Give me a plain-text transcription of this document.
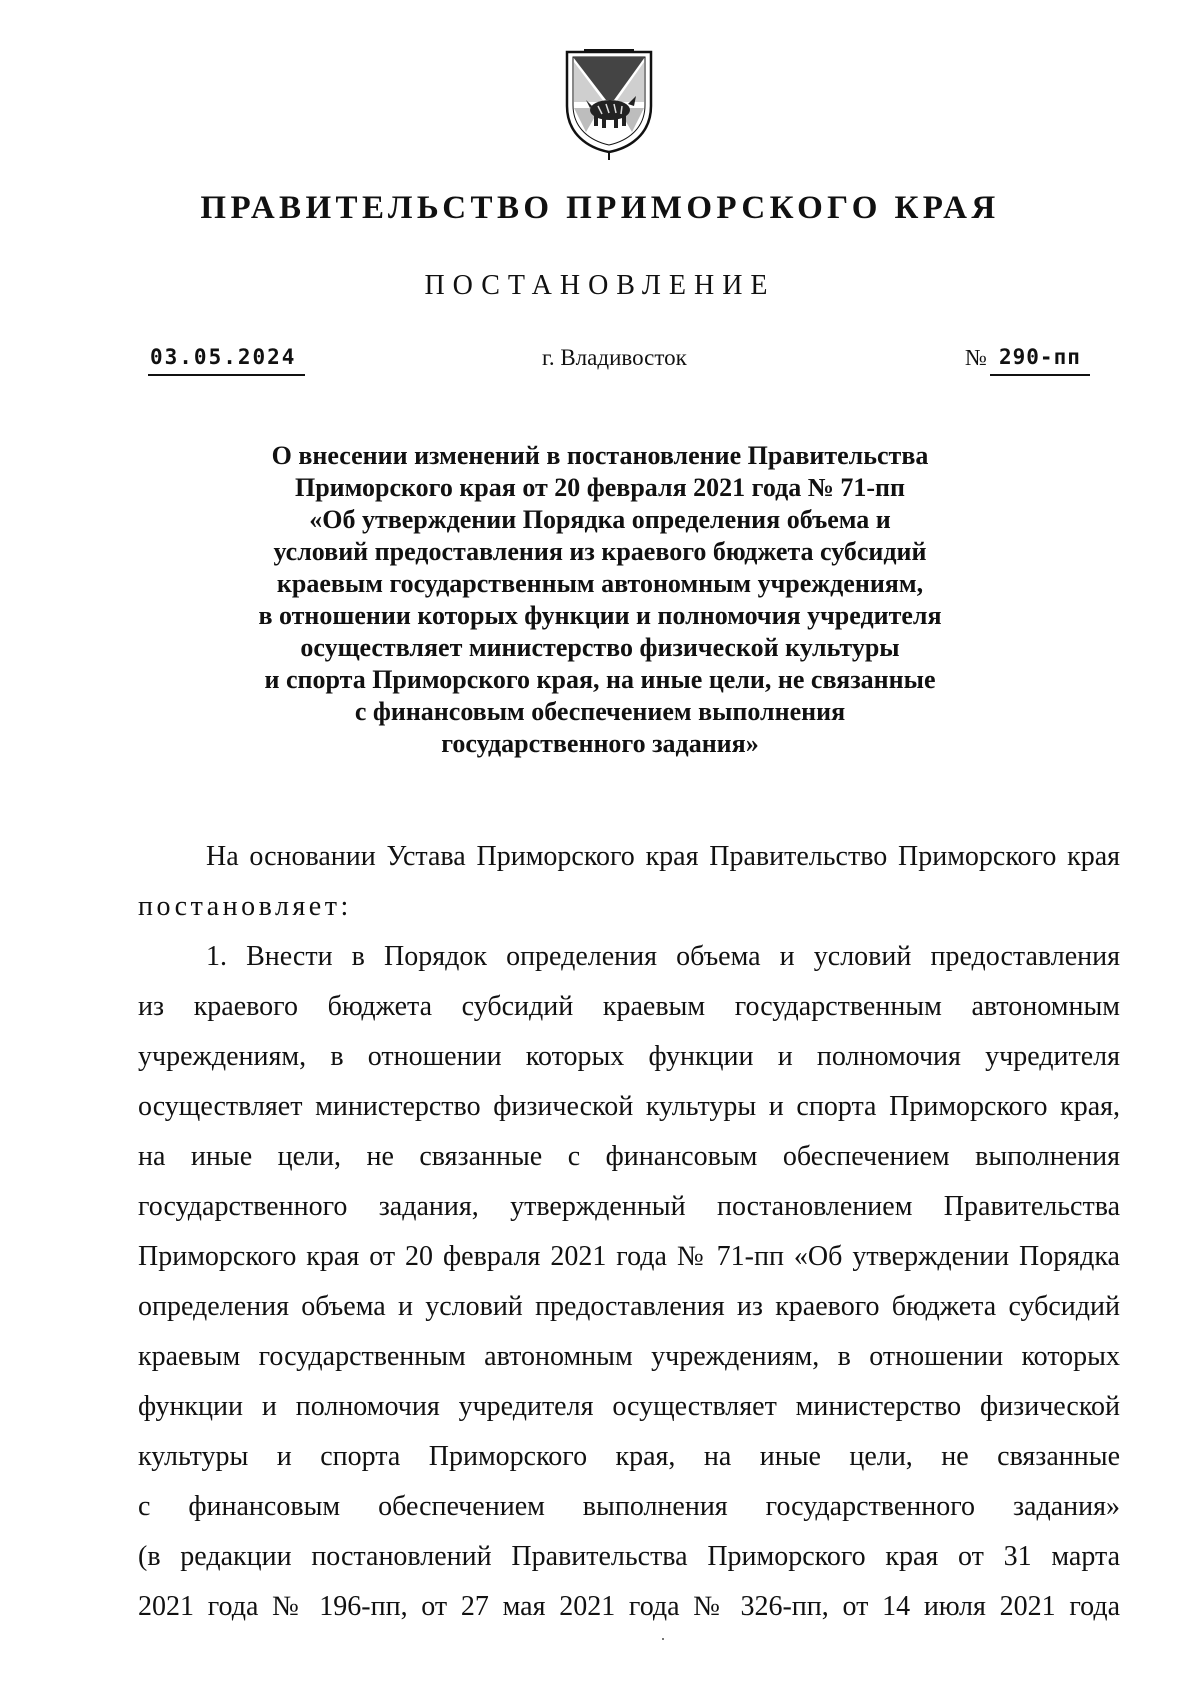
ПРАВИТЕЛЬСТВО ПРИМОРСКОГО КРАЯ
ПОСТАНОВЛЕНИЕ
03.05.2024	г. Владивосток	№ 290-пп
О внесении изменений в постановление Правительства
Приморского края от 20 февраля 2021 года № 71-пп
«Об утверждении Порядка определения объема и
условий предоставления из краевого бюджета субсидий
краевым государственным автономным учреждениям,
в отношении которых функции и полномочия учредителя
осуществляет министерство физической культуры
и спорта Приморского края, на иные цели, не связанные
с финансовым обеспечением выполнения
государственного задания»
На основании Устава Приморского края Правительство Приморского края
постановляет:
1. Внести в Порядок определения объема и условий предоставления
из краевого бюджета субсидий краевым государственным автономным
учреждениям, в отношении которых функции и полномочия учредителя
осуществляет министерство физической культуры и спорта Приморского края,
на иные цели, не связанные с финансовым обеспечением выполнения
государственного задания, утвержденный постановлением Правительства
Приморского края от 20 февраля 2021 года № 71-пп «Об утверждении Порядка
определения объема и условий предоставления из краевого бюджета субсидий
краевым государственным автономным учреждениям, в отношении которых
функции и полномочия учредителя осуществляет министерство физической
культуры и спорта Приморского края, на иные цели, не связанные
с финансовым обеспечением выполнения государственного задания»
(в редакции постановлений Правительства Приморского края от 31 марта
2021 года № 196-пп, от 27 мая 2021 года № 326-пп, от 14 июля 2021 года
